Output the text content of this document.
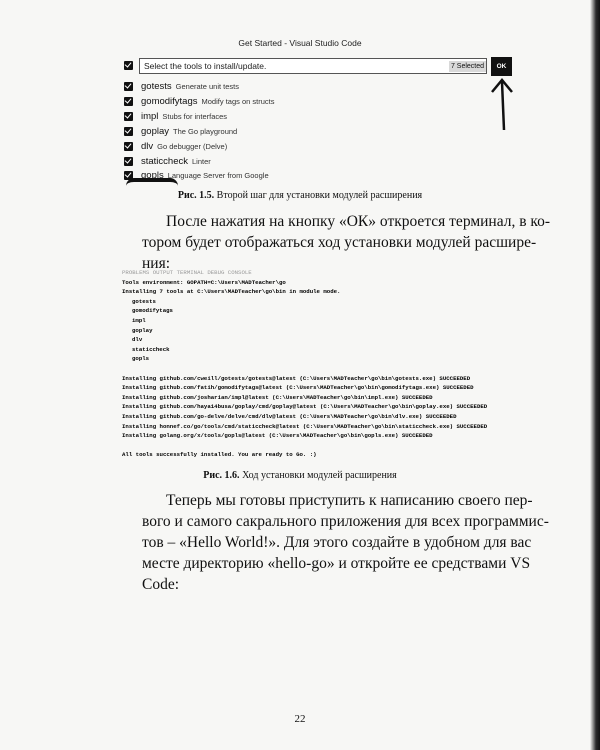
Get Started - Visual Studio Code
Select the tools to install/update.	7 Selected	OK
gotests Generate unit tests
gomodifytags Modify tags on structs
impl Stubs for interfaces
goplay The Go playground
dlv Go debugger (Delve)
staticcheck Linter
gopls Language Server from Google
Рис. 1.5. Второй шаг для установки модулей расширения
После нажатия на кнопку «ОК» откроется терминал, в ко-
тором будет отображаться ход установки модулей расшире-
ния:
PROBLEMS OUTPUT TERMINAL DEBUG CONSOLE
Tools environment: GOPATH=C:\Users\MADTeacher\go
Installing 7 tools at C:\Users\MADTeacher\go\bin in module mode.
gotests
gomodifytags
impl
goplay
dlv
staticcheck
gopls

Installing github.com/cweill/gotests/gotests@latest (C:\Users\MADTeacher\go\bin\gotests.exe) SUCCEEDED
Installing github.com/fatih/gomodifytags@latest (C:\Users\MADTeacher\go\bin\gomodifytags.exe) SUCCEEDED
Installing github.com/josharian/impl@latest (C:\Users\MADTeacher\go\bin\impl.exe) SUCCEEDED
Installing github.com/haya14busa/goplay/cmd/goplay@latest (C:\Users\MADTeacher\go\bin\goplay.exe) SUCCEEDED
Installing github.com/go-delve/delve/cmd/dlv@latest (C:\Users\MADTeacher\go\bin\dlv.exe) SUCCEEDED
Installing honnef.co/go/tools/cmd/staticcheck@latest (C:\Users\MADTeacher\go\bin\staticcheck.exe) SUCCEEDED
Installing golang.org/x/tools/gopls@latest (C:\Users\MADTeacher\go\bin\gopls.exe) SUCCEEDED

All tools successfully installed. You are ready to Go. :)
Рис. 1.6. Ход установки модулей расширения
Теперь мы готовы приступить к написанию своего пер-
вого и самого сакрального приложения для всех программис-
тов – «Hello World!». Для этого создайте в удобном для вас
месте директорию «hello-go» и откройте ее средствами VS
Code:
22
